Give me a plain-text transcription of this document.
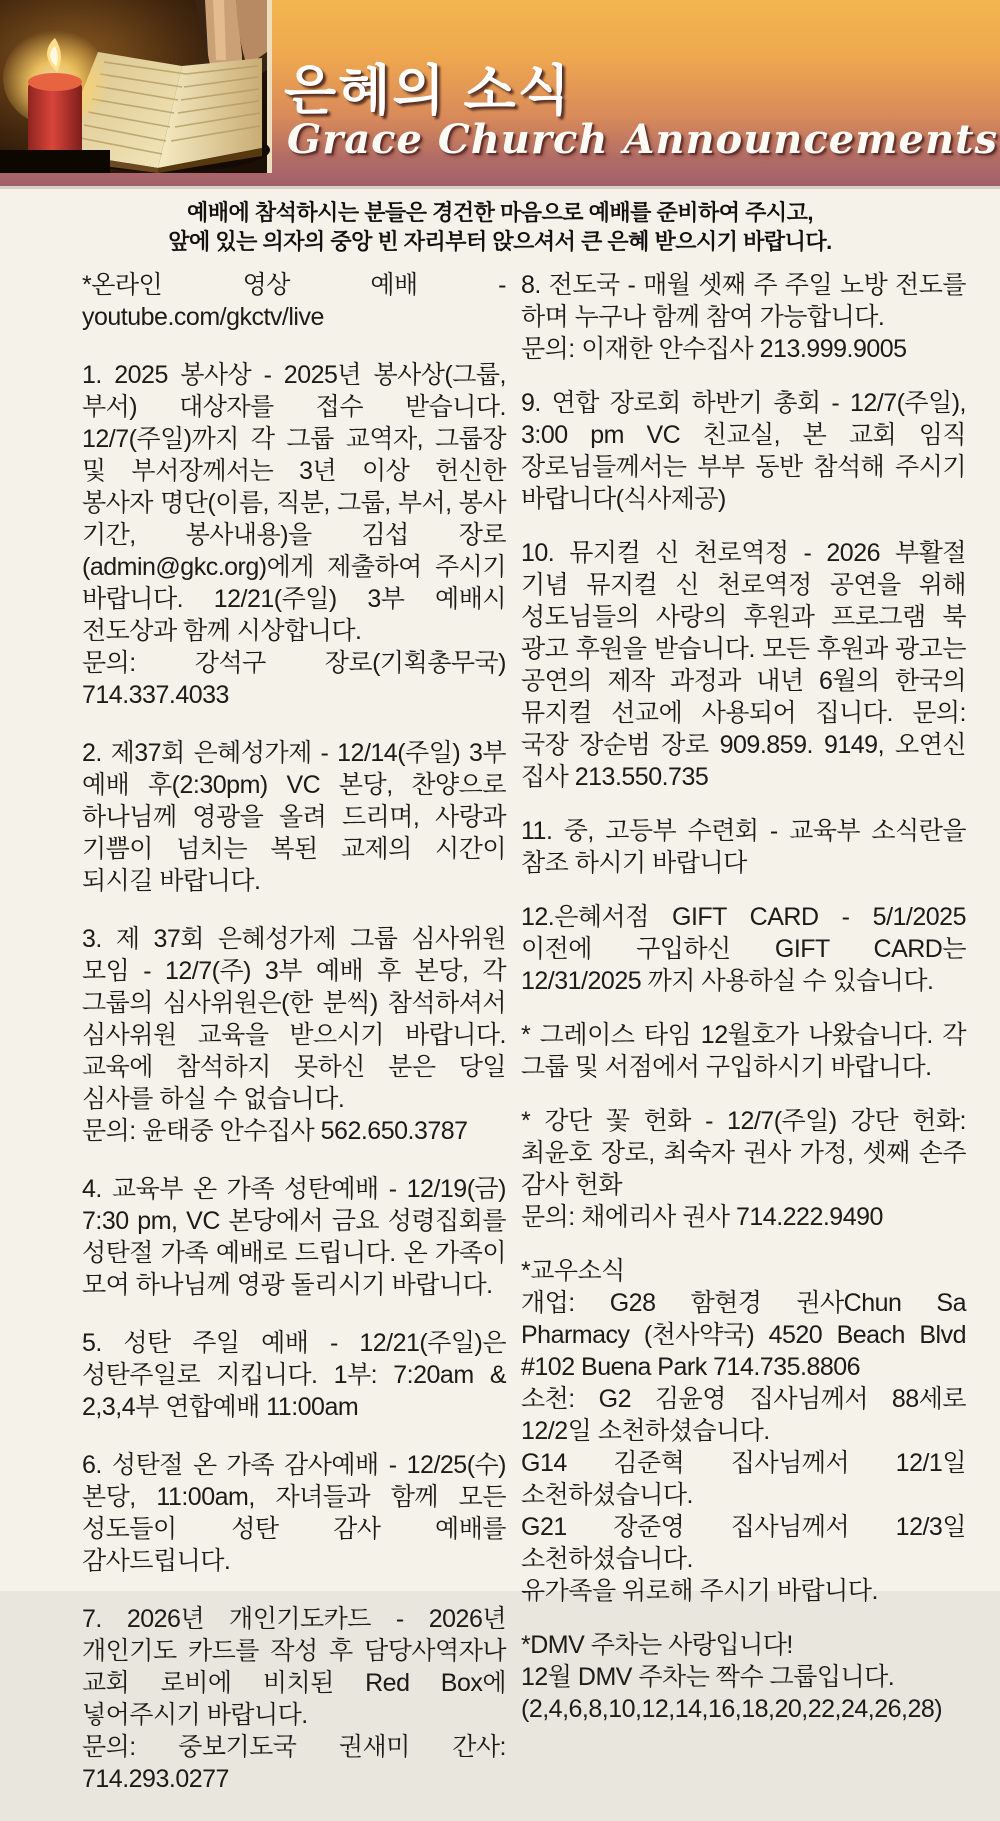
은혜의 소식
Grace Church Announcements
예배에 참석하시는 분들은 경건한 마음으로 예배를 준비하여 주시고,
앞에 있는 의자의 중앙 빈 자리부터 앉으셔서 큰 은혜 받으시기 바랍니다.

*온라인 영상 예배 - youtube.com/gkctv/live

1. 2025 봉사상 - 2025년 봉사상(그룹, 부서) 대상자를 접수 받습니다. 12/7(주일)까지 각 그룹 교역자, 그룹장 및 부서장께서는 3년 이상 헌신한 봉사자 명단(이름, 직분, 그룹, 부서, 봉사 기간, 봉사내용)을 김섭 장로(admin@gkc.org)에게 제출하여 주시기 바랍니다. 12/21(주일) 3부 예배시 전도상과 함께 시상합니다.
문의: 강석구 장로(기획총무국) 714.337.4033

2. 제37회 은혜성가제 - 12/14(주일) 3부 예배 후(2:30pm) VC 본당, 찬양으로 하나님께 영광을 올려 드리며, 사랑과 기쁨이 넘치는 복된 교제의 시간이 되시길 바랍니다.

3. 제 37회 은혜성가제 그룹 심사위원 모임 - 12/7(주) 3부 예배 후 본당, 각 그룹의 심사위원은(한 분씩) 참석하셔서 심사위원 교육을 받으시기 바랍니다. 교육에 참석하지 못하신 분은 당일 심사를 하실 수 없습니다.
문의: 윤태중 안수집사 562.650.3787

4. 교육부 온 가족 성탄예배 - 12/19(금) 7:30 pm, VC 본당에서 금요 성령집회를 성탄절 가족 예배로 드립니다. 온 가족이 모여 하나님께 영광 돌리시기 바랍니다.

5. 성탄 주일 예배 - 12/21(주일)은 성탄주일로 지킵니다. 1부: 7:20am & 2,3,4부 연합예배 11:00am

6. 성탄절 온 가족 감사예배 - 12/25(수) 본당, 11:00am, 자녀들과 함께 모든 성도들이 성탄 감사 예배를 감사드립니다.

7. 2026년 개인기도카드 - 2026년 개인기도 카드를 작성 후 담당사역자나 교회 로비에 비치된 Red Box에 넣어주시기 바랍니다.
문의: 중보기도국 권새미 간사: 714.293.0277

8. 전도국 - 매월 셋째 주 주일 노방 전도를 하며 누구나 함께 참여 가능합니다.
문의: 이재한 안수집사 213.999.9005

9. 연합 장로회 하반기 총회 - 12/7(주일), 3:00 pm VC 친교실, 본 교회 임직 장로님들께서는 부부 동반 참석해 주시기 바랍니다(식사제공)

10. 뮤지컬 신 천로역정 - 2026 부활절 기념 뮤지컬 신 천로역정 공연을 위해 성도님들의 사랑의 후원과 프로그램 북 광고 후원을 받습니다. 모든 후원과 광고는 공연의 제작 과정과 내년 6월의 한국의 뮤지컬 선교에 사용되어 집니다. 문의: 국장 장순범 장로 909.859. 9149, 오연신 집사 213.550.735

11. 중, 고등부 수련회 - 교육부 소식란을 참조 하시기 바랍니다

12.은혜서점 GIFT CARD - 5/1/2025 이전에 구입하신 GIFT CARD는 12/31/2025 까지 사용하실 수 있습니다.

* 그레이스 타임 12월호가 나왔습니다. 각 그룹 및 서점에서 구입하시기 바랍니다.

* 강단 꽃 헌화 - 12/7(주일) 강단 헌화: 최윤호 장로, 최숙자 권사 가정, 셋째 손주 감사 헌화
문의: 채에리사 권사 714.222.9490

*교우소식
개업: G28 함현경 권사Chun Sa Pharmacy (천사약국) 4520 Beach Blvd #102 Buena Park 714.735.8806
소천: G2 김윤영 집사님께서 88세로 12/2일 소천하셨습니다.
G14 김준혁 집사님께서 12/1일 소천하셨습니다.
G21 장준영 집사님께서 12/3일 소천하셨습니다.
유가족을 위로해 주시기 바랍니다.

*DMV 주차는 사랑입니다!
12월 DMV 주차는 짝수 그룹입니다.
(2,4,6,8,10,12,14,16,18,20,22,24,26,28)
